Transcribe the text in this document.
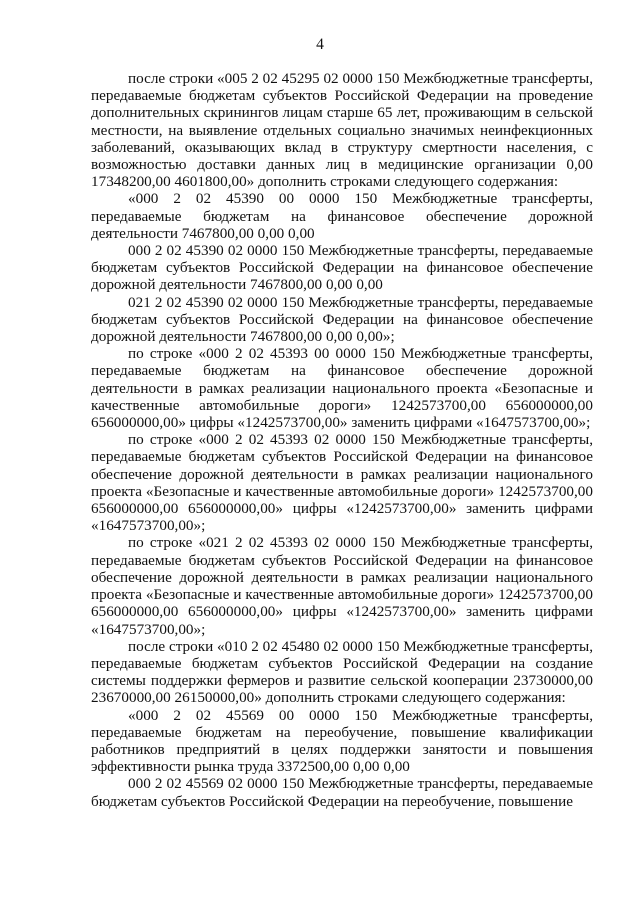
4

после строки «005 2 02 45295 02 0000 150 Межбюджетные трансферты, передаваемые бюджетам субъектов Российской Федерации на проведение дополнительных скринингов лицам старше 65 лет, проживающим в сельской местности, на выявление отдельных социально значимых неинфекционных заболеваний, оказывающих вклад в структуру смертности населения, с возможностью доставки данных лиц в медицинские организации 0,00 17348200,00 4601800,00» дополнить строками следующего содержания:

«000 2 02 45390 00 0000 150 Межбюджетные трансферты, передаваемые бюджетам на финансовое обеспечение дорожной деятельности 7467800,00 0,00 0,00

000 2 02 45390 02 0000 150 Межбюджетные трансферты, передаваемые бюджетам субъектов Российской Федерации на финансовое обеспечение дорожной деятельности 7467800,00 0,00 0,00

021 2 02 45390 02 0000 150 Межбюджетные трансферты, передаваемые бюджетам субъектов Российской Федерации на финансовое обеспечение дорожной деятельности 7467800,00 0,00 0,00»;

по строке «000 2 02 45393 00 0000 150 Межбюджетные трансферты, передаваемые бюджетам на финансовое обеспечение дорожной деятельности в рамках реализации национального проекта «Безопасные и качественные автомобильные дороги» 1242573700,00 656000000,00 656000000,00» цифры «1242573700,00» заменить цифрами «1647573700,00»;

по строке «000 2 02 45393 02 0000 150 Межбюджетные трансферты, передаваемые бюджетам субъектов Российской Федерации на финансовое обеспечение дорожной деятельности в рамках реализации национального проекта «Безопасные и качественные автомобильные дороги» 1242573700,00 656000000,00 656000000,00» цифры «1242573700,00» заменить цифрами «1647573700,00»;

по строке «021 2 02 45393 02 0000 150 Межбюджетные трансферты, передаваемые бюджетам субъектов Российской Федерации на финансовое обеспечение дорожной деятельности в рамках реализации национального проекта «Безопасные и качественные автомобильные дороги» 1242573700,00 656000000,00 656000000,00» цифры «1242573700,00» заменить цифрами «1647573700,00»;

после строки «010 2 02 45480 02 0000 150 Межбюджетные трансферты, передаваемые бюджетам субъектов Российской Федерации на создание системы поддержки фермеров и развитие сельской кооперации 23730000,00 23670000,00 26150000,00» дополнить строками следующего содержания:

«000 2 02 45569 00 0000 150 Межбюджетные трансферты, передаваемые бюджетам на переобучение, повышение квалификации работников предприятий в целях поддержки занятости и повышения эффективности рынка труда 3372500,00 0,00 0,00

000 2 02 45569 02 0000 150 Межбюджетные трансферты, передаваемые бюджетам субъектов Российской Федерации на переобучение, повышение
